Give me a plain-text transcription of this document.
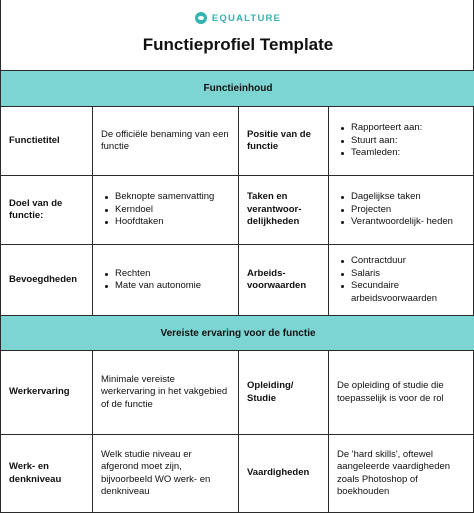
EQUALTURE
Functieprofiel Template
Functieinhoud
Functietitel
De officiële benaming van een functie
Positie van de functie
Rapporteert aan:
Stuurt aan:
Teamleden:
Doel van de functie:
Beknopte samenvatting
Kerndoel
Hoofdtaken
Taken en verantwoor-delijkheden
Dagelijkse taken
Projecten
Verantwoordelijk- heden
Bevoegdheden
Rechten
Mate van autonomie
Arbeids-voorwaarden
Contractduur
Salaris
Secundaire arbeidsvoorwaarden
Vereiste ervaring voor de functie
Werkervaring
Minimale vereiste werkervaring in het vakgebied of de functie
Opleiding/ Studie
De opleiding of studie die toepasselijk is voor de rol
Werk- en denkniveau
Welk studie niveau er afgerond moet zijn, bijvoorbeeld WO werk- en denkniveau
Vaardigheden
De 'hard skills', oftewel aangeleerde vaardigheden zoals Photoshop of boekhouden
